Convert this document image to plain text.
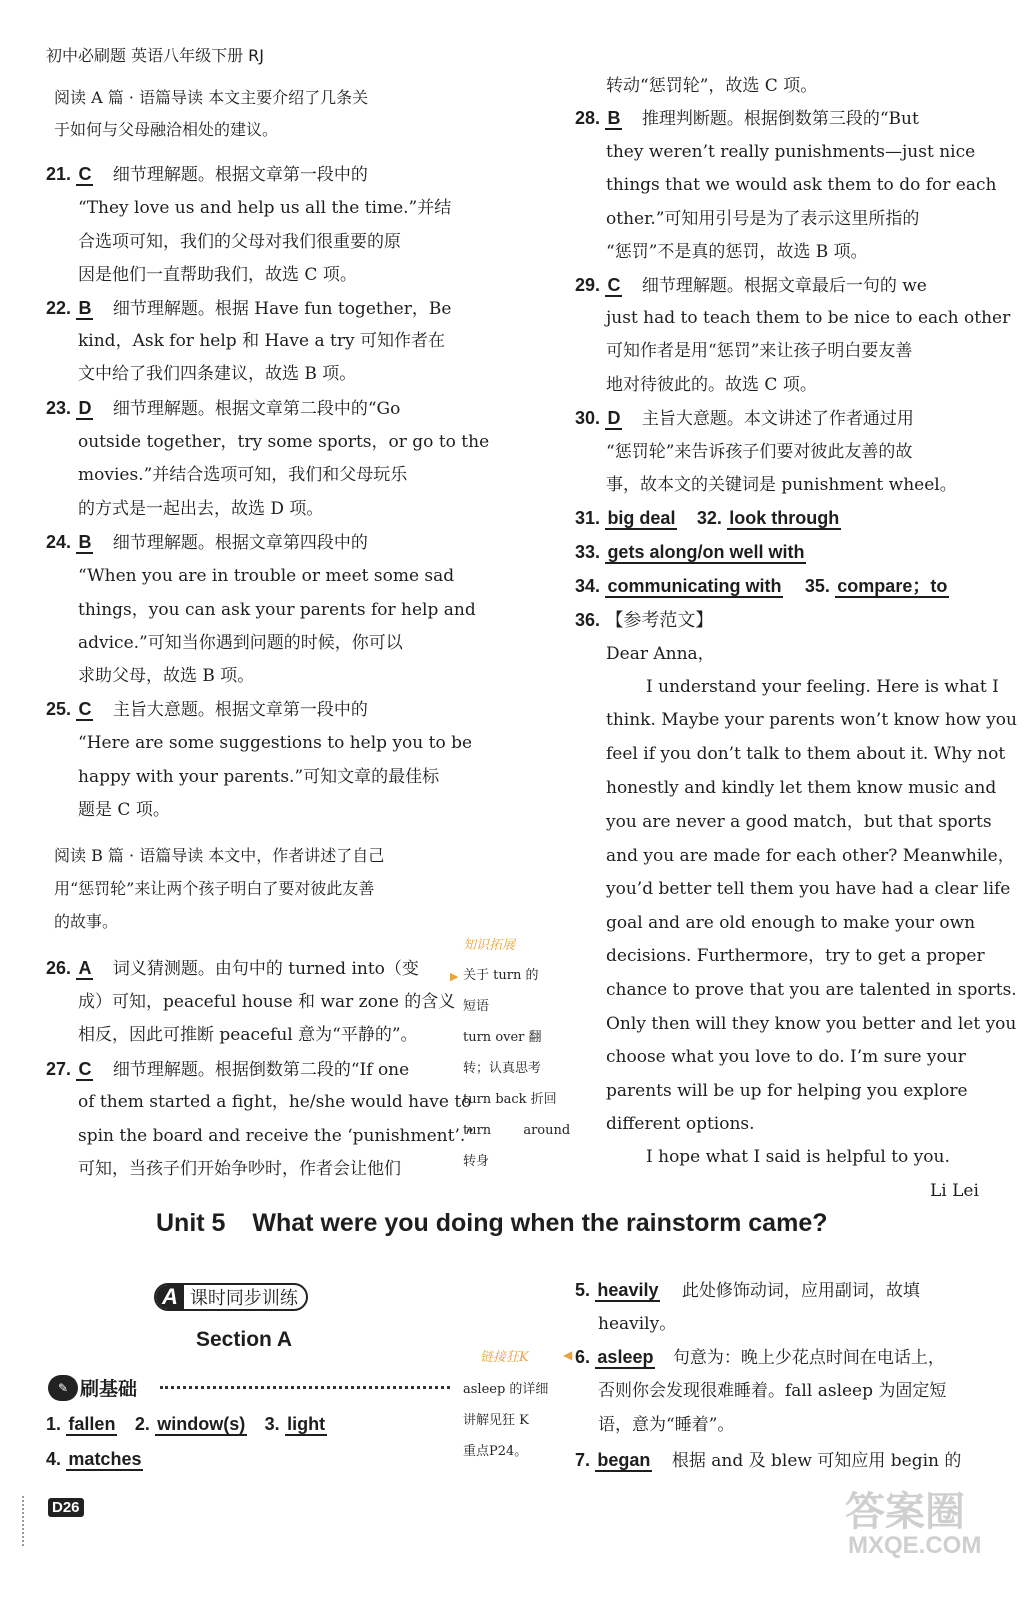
初中必刷题 英语八年级下册 RJ
阅读 A 篇 · 语篇导读 本文主要介绍了几条关
于如何与父母融洽相处的建议。
21. C 细节理解题。根据文章第一段中的
“They love us and help us all the time.”并结
合选项可知，我们的父母对我们很重要的原
因是他们一直帮助我们，故选 C 项。
22. B 细节理解题。根据 Have fun together，Be
kind，Ask for help 和 Have a try 可知作者在
文中给了我们四条建议，故选 B 项。
23. D 细节理解题。根据文章第二段中的“Go
outside together，try some sports，or go to the
movies.”并结合选项可知，我们和父母玩乐
的方式是一起出去，故选 D 项。
24. B 细节理解题。根据文章第四段中的
“When you are in trouble or meet some sad
things，you can ask your parents for help and
advice.”可知当你遇到问题的时候，你可以
求助父母，故选 B 项。
25. C 主旨大意题。根据文章第一段中的
“Here are some suggestions to help you to be
happy with your parents.”可知文章的最佳标
题是 C 项。
阅读 B 篇 · 语篇导读 本文中，作者讲述了自己
用“惩罚轮”来让两个孩子明白了要对彼此友善
的故事。
26. A 词义猜测题。由句中的 turned into（变
成）可知，peaceful house 和 war zone 的含义
相反，因此可推断 peaceful 意为“平静的”。
27. C 细节理解题。根据倒数第二段的“If one
of them started a fight，he/she would have to
spin the board and receive the ‘punishment’.”
可知，当孩子们开始争吵时，作者会让他们
知识拓展
▶ 关于 turn 的
短语
turn over 翻
转；认真思考
turn back 折回
turn around
转身
转动“惩罚轮”，故选 C 项。
28. B 推理判断题。根据倒数第三段的“But
they weren’t really punishments—just nice
things that we would ask them to do for each
other.”可知用引号是为了表示这里所指的
“惩罚”不是真的惩罚，故选 B 项。
29. C 细节理解题。根据文章最后一句的 we
just had to teach them to be nice to each other
可知作者是用“惩罚”来让孩子明白要友善
地对待彼此的。故选 C 项。
30. D 主旨大意题。本文讲述了作者通过用
“惩罚轮”来告诉孩子们要对彼此友善的故
事，故本文的关键词是 punishment wheel。
31. big deal 32. look through
33. gets along/on well with
34. communicating with 35. compare；to
36. 【参考范文】
Dear Anna，
I understand your feeling. Here is what I
think. Maybe your parents won’t know how you
feel if you don’t talk to them about it. Why not
honestly and kindly let them know music and
you are never a good match，but that sports
and you are made for each other? Meanwhile，
you’d better tell them you have had a clear life
goal and are old enough to make your own
decisions. Furthermore，try to get a proper
chance to prove that you are talented in sports.
Only then will they know you better and let you
choose what you love to do. I’m sure your
parents will be up for helping you explore
different options.
I hope what I said is helpful to you.
Li Lei
Unit 5 What were you doing when the rainstorm came?
A 课时同步训练
Section A
✎ 刷基础
1. fallen 2. window(s) 3. light
4. matches
链接狂K	◀
asleep 的详细
讲解见狂 K
重点P24。
5. heavily 此处修饰动词，应用副词，故填
heavily。
6. asleep 句意为：晚上少花点时间在电话上，
否则你会发现很难睡着。fall asleep 为固定短
语，意为“睡着”。
7. began 根据 and 及 blew 可知应用 begin 的
D26	答案圈
MXQE.COM
